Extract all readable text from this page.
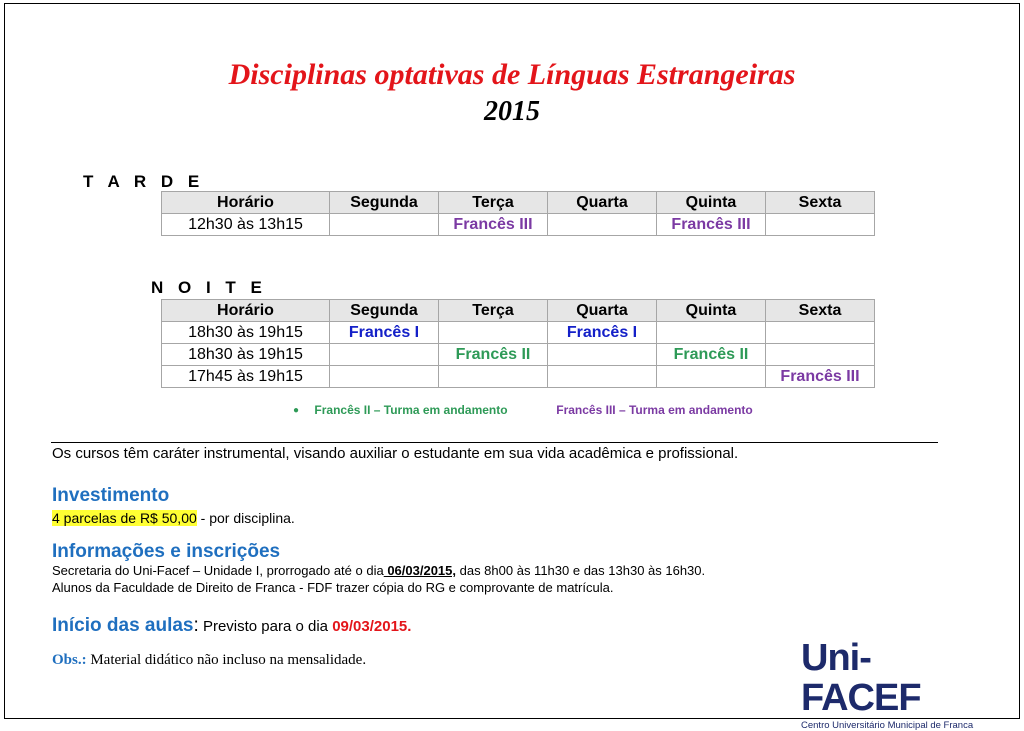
Disciplinas optativas de Línguas Estrangeiras
2015
T A R D E
Horário	Segunda	Terça	Quarta	Quinta	Sexta
12h30 às 13h15		Francês III		Francês III	
N O I T E
Horário	Segunda	Terça	Quarta	Quinta	Sexta
18h30 às 19h15	Francês I		Francês I		
18h30 às 19h15		Francês II		Francês II	
17h45 às 19h15					Francês III
● Francês II – Turma em andamento	Francês III – Turma em andamento
Os cursos têm caráter instrumental, visando auxiliar o estudante em sua vida acadêmica e profissional.
Investimento
4 parcelas de R$ 50,00 - por disciplina.
Informações e inscrições
Secretaria do Uni-Facef – Unidade I, prorrogado até o dia 06/03/2015, das 8h00 às 11h30 e das 13h30 às 16h30.
Alunos da Faculdade de Direito de Franca - FDF trazer cópia do RG e comprovante de matrícula.
Início das aulas: Previsto para o dia 09/03/2015.
Obs.: Material didático não incluso na mensalidade.	Uni-FACEF
Centro Universitário Municipal de Franca
